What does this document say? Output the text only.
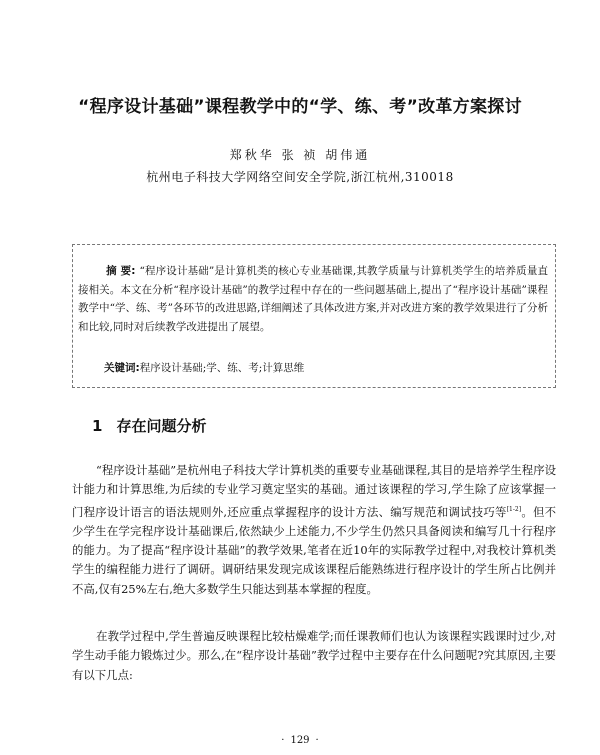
“程序设计基础”课程教学中的“学、练、考”改革方案探讨
郑秋华 张 祯 胡伟通
杭州电子科技大学网络空间安全学院,浙江杭州,310018
摘 要: “程序设计基础”是计算机类的核心专业基础课,其教学质量与计算机类学生的培养质量直接相关。本文在分析“程序设计基础”的教学过程中存在的一些问题基础上,提出了“程序设计基础”课程教学中“学、练、考”各环节的改进思路,详细阐述了具体改进方案,并对改进方案的教学效果进行了分析和比较,同时对后续教学改进提出了展望。
关键词:程序设计基础;学、练、考;计算思维
1 存在问题分析
“程序设计基础”是杭州电子科技大学计算机类的重要专业基础课程,其目的是培养学生程序设计能力和计算思维,为后续的专业学习奠定坚实的基础。通过该课程的学习,学生除了应该掌握一门程序设计语言的语法规则外,还应重点掌握程序的设计方法、编写规范和调试技巧等[1-2]。但不少学生在学完程序设计基础课后,依然缺少上述能力,不少学生仍然只具备阅读和编写几十行程序的能力。为了提高“程序设计基础”的教学效果,笔者在近10年的实际教学过程中,对我校计算机类学生的编程能力进行了调研。调研结果发现完成该课程后能熟练进行程序设计的学生所占比例并不高,仅有25%左右,绝大多数学生只能达到基本掌握的程度。
在教学过程中,学生普遍反映课程比较枯燥难学;而任课教师们也认为该课程实践课时过少,对学生动手能力锻炼过少。那么,在“程序设计基础”教学过程中主要存在什么问题呢?究其原因,主要有以下几点:
· 129 ·
